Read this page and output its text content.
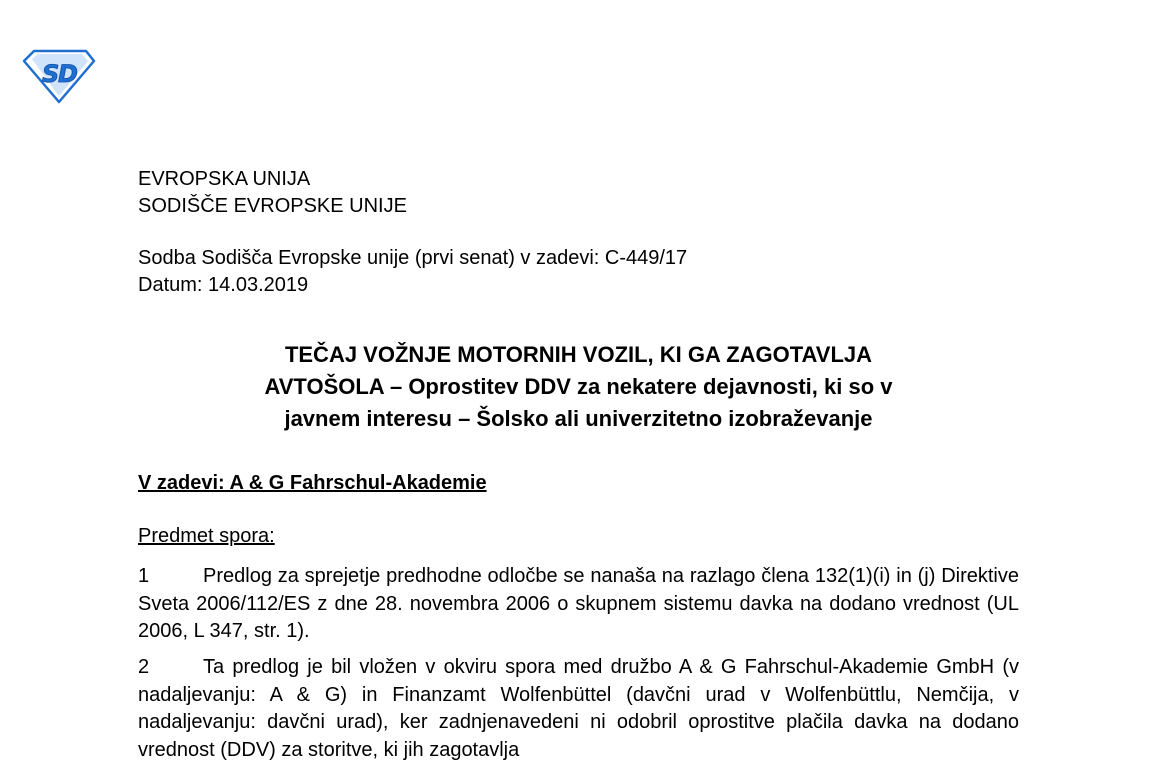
S
D
EVROPSKA UNIJA
SODIŠČE EVROPSKE UNIJE
Sodba Sodišča Evropske unije (prvi senat) v zadevi: C-449/17
Datum: 14.03.2019
TEČAJ VOŽNJE MOTORNIH VOZIL, KI GA ZAGOTAVLJA
AVTOŠOLA – Oprostitev DDV za nekatere dejavnosti, ki so v
javnem interesu – Šolsko ali univerzitetno izobraževanje
V zadevi: A & G Fahrschul-Akademie
Predmet spora:
1	Predlog za sprejetje predhodne odločbe se nanaša na razlago člena 132(1)(i) in (j) Direktive Sveta 2006/112/ES z dne 28. novembra 2006 o skupnem sistemu davka na dodano vrednost (UL 2006, L 347, str. 1).
2	Ta predlog je bil vložen v okviru spora med družbo A & G Fahrschul-Akademie GmbH (v nadaljevanju: A & G) in Finanzamt Wolfenbüttel (davčni urad v Wolfenbüttlu, Nemčija, v nadaljevanju: davčni urad), ker zadnjenavedeni ni odobril oprostitve plačila davka na dodano vrednost (DDV) za storitve, ki jih zagotavlja
